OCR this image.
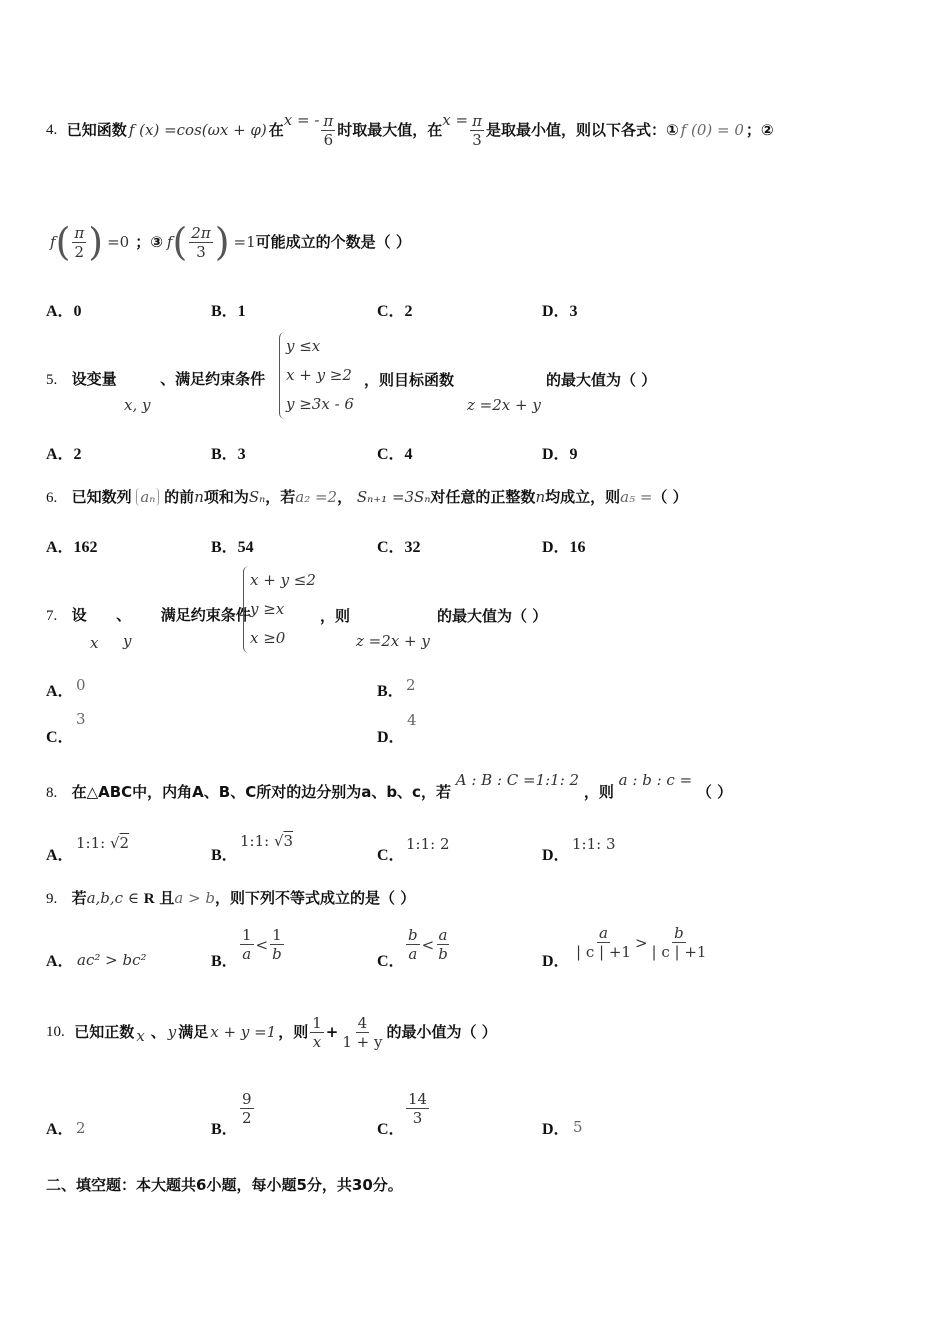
4.
已知函数 f (x) =cos(ωx + φ) 在
x = - $\frac{\pi}{6}$ 时取最大值，在
$x = \frac{\pi}{3}$ 是取最小值，则以下各式：① f (0) = 0 ；②
f ( $\frac{\pi}{2}$ ) =0 ；③ f ( $\frac{2\pi}{3}$ ) =1 可能成立的个数是（ ）
A．0	B．1	C．2	D．3
5. 设变量	、满足约束条件
x, y
y ≤x
x + y ≥2
y ≥3x - 6
，则目标函数	的最大值为（ ）
z =2x + y
A．2	B．3	C．4	D．9
6. 已知数列 aₙ 的前n项和为Sₙ，若a₂ =2， Sₙ₊₁ =3Sₙ对任意的正整数n均成立，则a₅ =（ ）
A．162	B．54	C．32	D．16
7. 设 、 满足约束条件
x y
x + y ≤2
y ≥x
x ≥0
，则	的最大值为（ ）
z =2x + y
A． 0	B． 2
C．
3
D．
4
8. 在△ABC中，内角A、B、C所对的边分别为a、b、c，若 A : B : C =1:1: 2 ，则 a : b : c = （ ）
A．
1:1: √2
B．
1:1: √3
C．
1:1: 2
D．
1:1: 3
9. 若a,b,c ∈ R 且a > b，则下列不等式成立的是（ ）
A． ac² > bc²	B． $\frac{1}{a} < \frac{1}{b}$	C． $\frac{b}{a} < \frac{a}{b}$	D．
$\frac{a}{| c | +1} > \frac{b}{| c | +1}$
10.
已知正数 x 、 y 满足 x + y =1 ，则 $\frac{1}{x} + \frac{4}{1 + y}$ 的最小值为（ ）
A． 2	B．
$\frac{9}{2}$
C．
$\frac{14}{3}$
D． 5
二、填空题：本大题共6小题，每小题5分，共30分。
